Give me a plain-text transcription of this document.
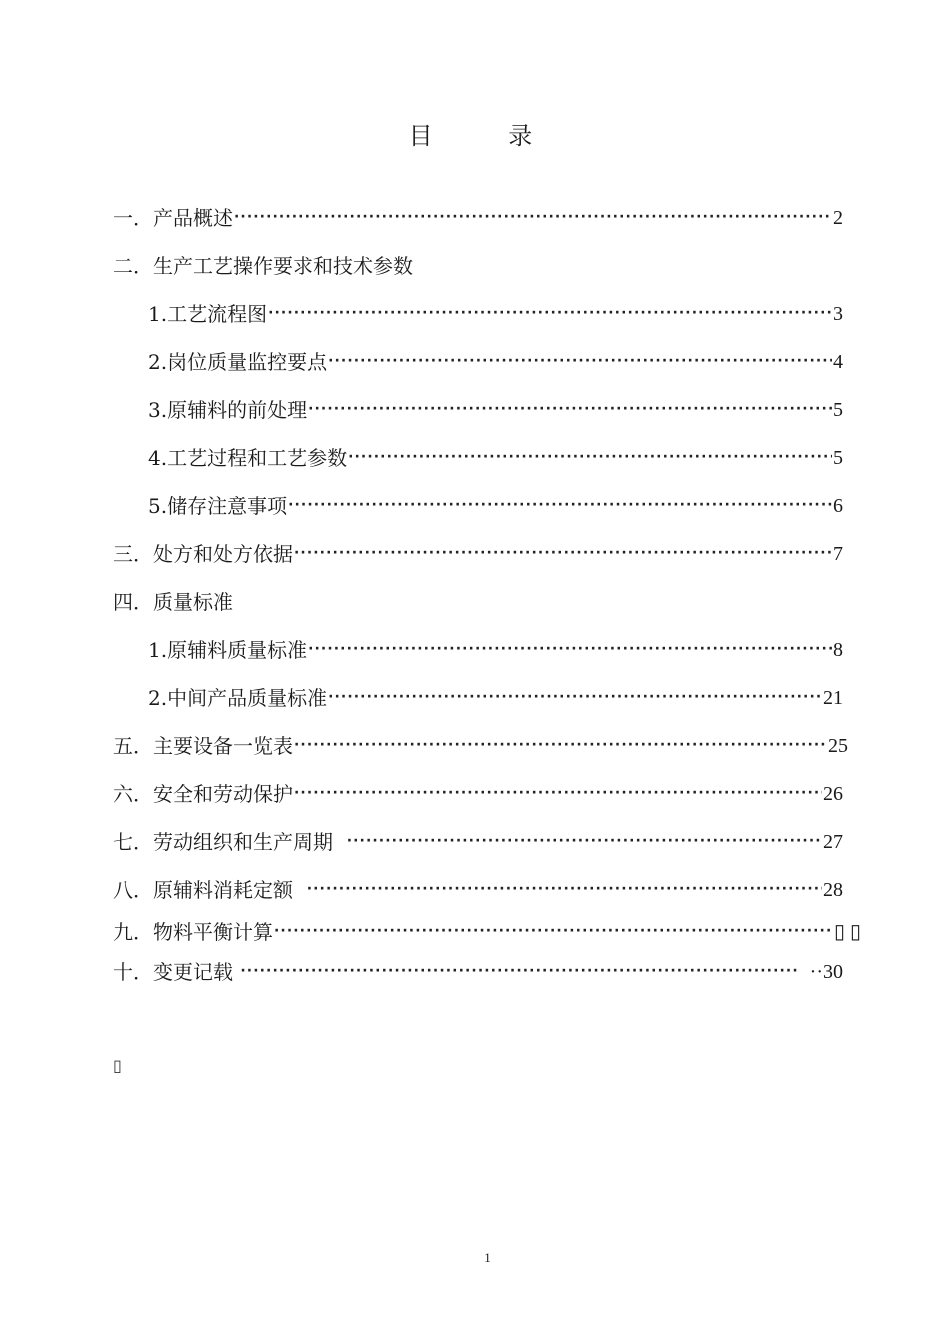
目 录
一． 产品概述 ·····	2
二． 生产工艺操作要求和技术参数
1. 工艺流程图 ·····	3
2. 岗位质量监控要点 ·····	4
3. 原辅料的前处理 ·····	5
4. 工艺过程和工艺参数 ·····	5
5. 储存注意事项 ·····	6
三． 处方和处方依据 ·····	7
四． 质量标准
1. 原辅料质量标准 ·····	8
2. 中间产品质量标准 ·····	21
五． 主要设备一览表 ·····	25
六． 安全和劳动保护 ·····	26
七． 劳动组织和生产周期 ·····	27
八． 原辅料消耗定额 ·····	28
九． 物料平衡计算 ·····	▯ ▯
十． 变更记载 ·····	··30
▯
1
